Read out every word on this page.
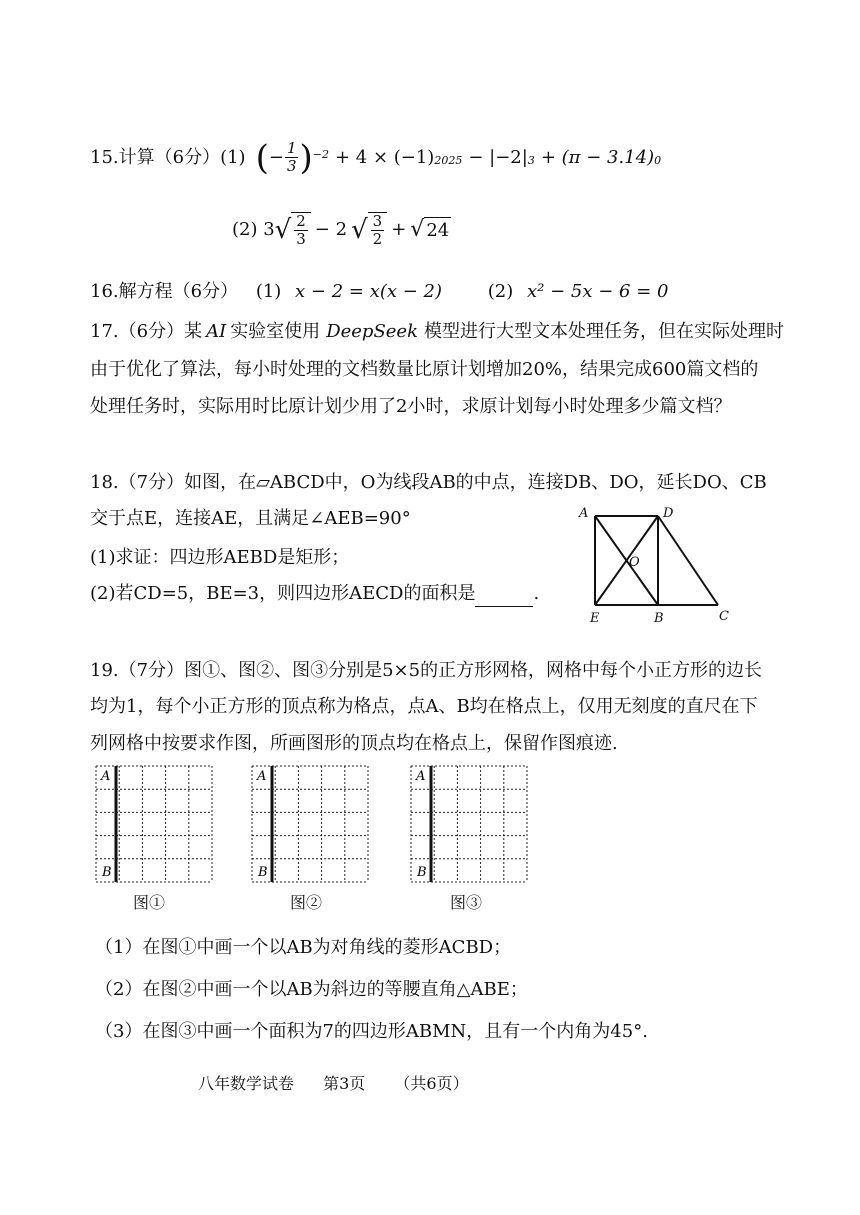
15.计算（6分）(1) ( − $\frac{1}{3}$ ) −2 + 4 × (−1) 2025 − |−2| 3 + (π − 3.14) 0
(2) 3 √ $\frac{2}{3} - 2$ √ $\frac{3}{2}$ + √ 24
16.解方程（6分） (1) x − 2 = x(x − 2)	(2) x² − 5x − 6 = 0
17.（6分）某 AI 实验室使用 DeepSeek 模型进行大型文本处理任务，但在实际处理时
由于优化了算法，每小时处理的文档数量比原计划增加20%，结果完成600篇文档的
处理任务时，实际用时比原计划少用了2小时，求原计划每小时处理多少篇文档？
18.（7分）如图，在▱ABCD中，O为线段AB的中点，连接DB、DO，延长DO、CB
交于点E，连接AE，且满足∠AEB=90°
(1)求证：四边形AEBD是矩形；
(2)若CD=5，BE=3，则四边形AECD的面积是	.
A	D
O
E	B	C
19.（7分）图①、图②、图③分别是5×5的正方形网格，网格中每个小正方形的边长
均为1，每个小正方形的顶点称为格点，点A、B均在格点上，仅用无刻度的直尺在下
列网格中按要求作图，所画图形的顶点均在格点上，保留作图痕迹.
A
B
图①
A
B
图②
A
B
图③
（1）在图①中画一个以AB为对角线的菱形ACBD；
（2）在图②中画一个以AB为斜边的等腰直角△ABE；
（3）在图③中画一个面积为7的四边形ABMN，且有一个内角为45°.
八年数学试卷 第3页 （共6页）
